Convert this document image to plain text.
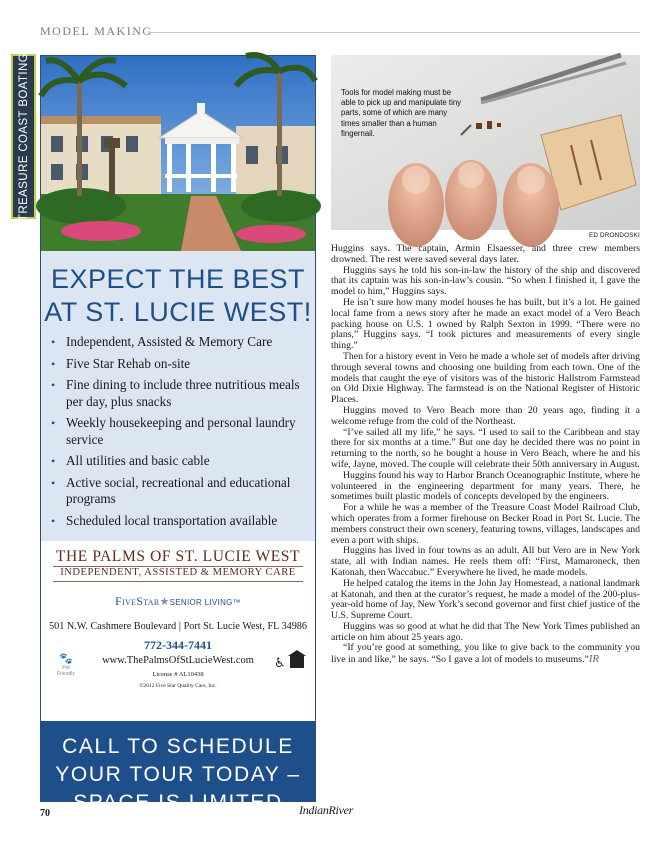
MODEL MAKING
TREASURE COAST BOATING
EXPECT THE BEST
AT ST. LUCIE WEST!
• Independent, Assisted & Memory Care
• Five Star Rehab on-site
• Fine dining to include three nutritious meals per day, plus snacks
• Weekly housekeeping and personal laundry service
• All utilities and basic cable
• Active social, recreational and educational programs
• Scheduled local transportation available
THE PALMS OF ST. LUCIE WEST
INDEPENDENT, ASSISTED & MEMORY CARE
FiveStar★SENIOR LIVING™
501 N.W. Cashmere Boulevard | Port St. Lucie West, FL 34986
772-344-7441
www.ThePalmsOfStLucieWest.com
License # AL10438
©2012 Five Star Quality Care, Inc.
🐾
Pet
Friendly
♿
CALL TO SCHEDULE
YOUR TOUR TODAY –
SPACE IS LIMITED
Tools for model making must be able to pick up and manipulate tiny parts, some of which are many times smaller than a human fingernail.
ED DRONDOSKI

Huggins says. The captain, Armin Elsaesser, and three crew members drowned. The rest were saved several days later.

Huggins says he told his son-in-law the history of the ship and discovered that its captain was his son-in-law’s cousin. “So when I finished it, I gave the model to him,” Huggins says.

He isn’t sure how many model houses he has built, but it’s a lot. He gained local fame from a news story after he made an exact model of a Vero Beach packing house on U.S. 1 owned by Ralph Sexton in 1999. “There were no plans,” Huggins says. “I took pictures and measurements of every single thing.”

Then for a history event in Vero he made a whole set of models after driving through several towns and choosing one building from each town. One of the models that caught the eye of visitors was of the historic Hallstrom Farmstead on Old Dixie Highway. The farmstead is on the National Register of Historic Places.

Huggins moved to Vero Beach more than 20 years ago, finding it a welcome refuge from the cold of the Northeast.

“I’ve sailed all my life,” he says. “I used to sail to the Caribbean and stay there for six months at a time.” But one day he decided there was no point in returning to the north, so he bought a house in Vero Beach, where he and his wife, Jayne, moved. The couple will celebrate their 50th anniversary in August.

Huggins found his way to Harbor Branch Oceanographic Institute, where he volunteered in the engineering department for many years. There, he sometimes built plastic models of concepts developed by the engineers.

For a while he was a member of the Treasure Coast Model Railroad Club, which operates from a former firehouse on Becker Road in Port St. Lucie. The members construct their own scenery, featuring towns, villages, landscapes and even a port with ships.

Huggins has lived in four towns as an adult. All but Vero are in New York state, all with Indian names. He reels them off: “First, Mamaroneck, then Katonah, then Waccabuc.” Everywhere he lived, he made models.

He helped catalog the items in the John Jay Homestead, a national landmark at Katonah, and then at the curator’s request, he made a model of the 200-plus-year-old home of Jay, New York’s second governor and first chief justice of the U.S. Supreme Court.

Huggins was so good at what he did that The New York Times published an article on him about 25 years ago.

“If you’re good at something, you like to give back to the community you live in and like,” he says. “So I gave a lot of models to museums.”IR

70	IndianRiver
